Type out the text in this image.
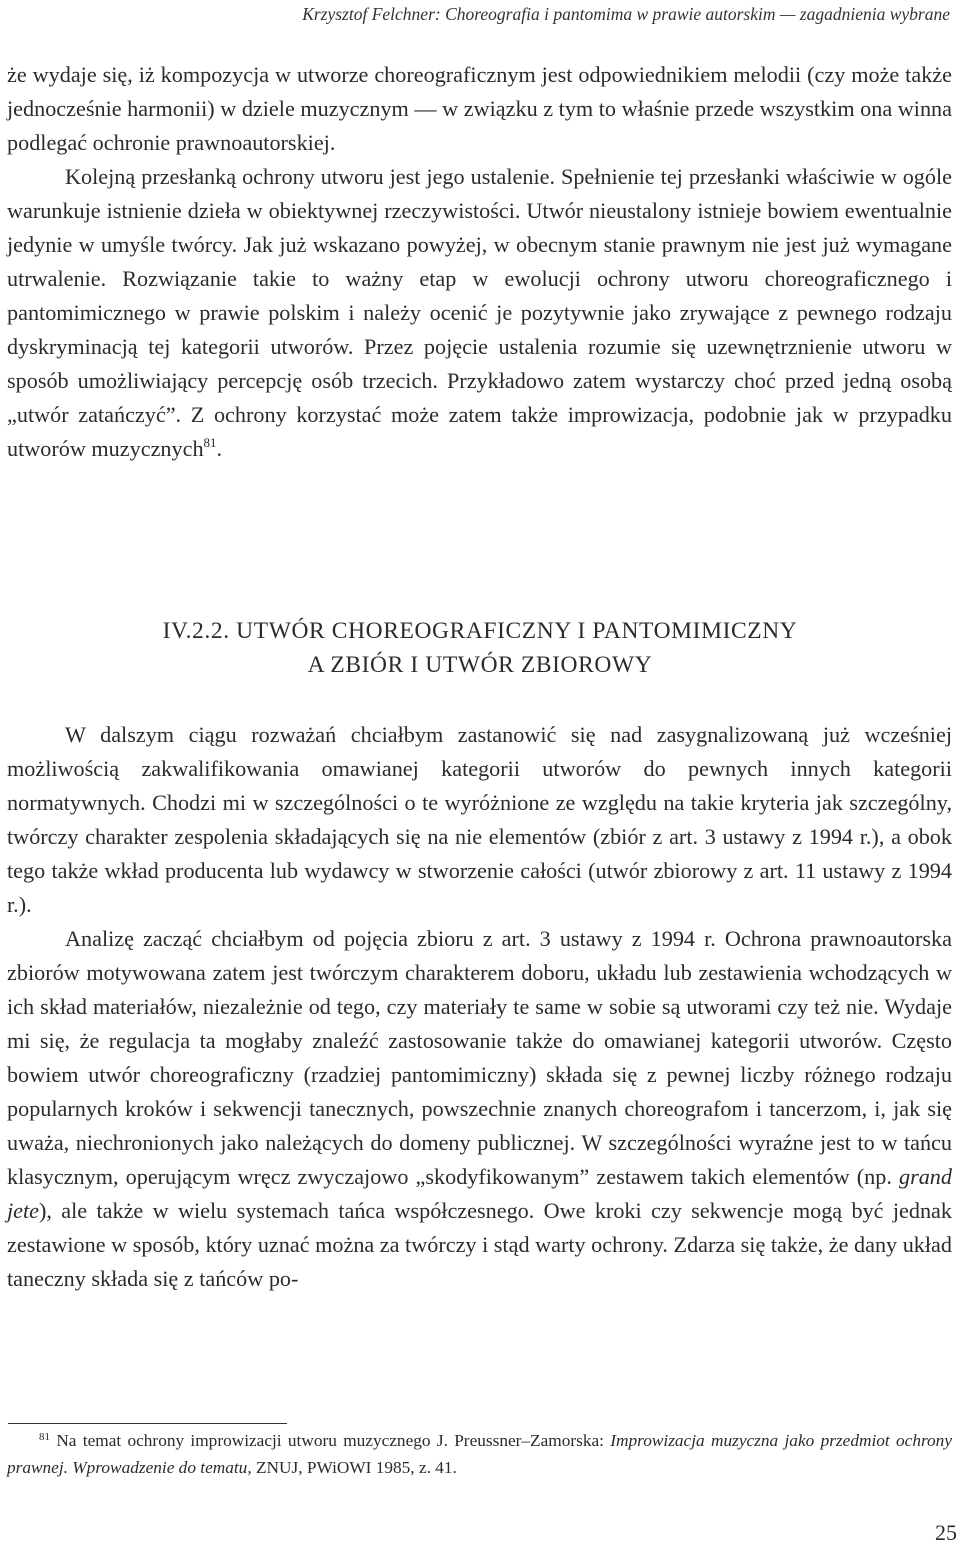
Krzysztof Felchner: Choreografia i pantomima w prawie autorskim — zagadnienia wybrane

że wydaje się, iż kompozycja w utworze choreograficznym jest odpowiednikiem melodii (czy może także jednocześnie harmonii) w dziele muzycznym — w związku z tym to właśnie przede wszystkim ona winna podlegać ochronie prawnoautorskiej.

Kolejną przesłanką ochrony utworu jest jego ustalenie. Spełnienie tej przesłanki właściwie w ogóle warunkuje istnienie dzieła w obiektywnej rzeczywistości. Utwór nieustalony istnieje bowiem ewentualnie jedynie w umyśle twórcy. Jak już wskazano powyżej, w obecnym stanie prawnym nie jest już wymagane utrwalenie. Rozwiązanie takie to ważny etap w ewolucji ochrony utworu choreograficznego i pantomimicznego w prawie polskim i należy ocenić je pozytywnie jako zrywające z pewnego rodzaju dyskryminacją tej kategorii utworów. Przez pojęcie ustalenia rozumie się uzewnętrznienie utworu w sposób umożliwiający percepcję osób trzecich. Przykładowo zatem wystarczy choć przed jedną osobą „utwór zatańczyć”. Z ochrony korzystać może zatem także improwizacja, podobnie jak w przypadku utworów muzycznych$^{81}$.

IV.2.2. UTWÓR CHOREOGRAFICZNY I PANTOMIMICZNY
A ZBIÓR I UTWÓR ZBIOROWY

W dalszym ciągu rozważań chciałbym zastanowić się nad zasygnalizowaną już wcześniej możliwością zakwalifikowania omawianej kategorii utworów do pewnych innych kategorii normatywnych. Chodzi mi w szczególności o te wyróżnione ze względu na takie kryteria jak szczególny, twórczy charakter zespolenia składających się na nie elementów (zbiór z art. 3 ustawy z 1994 r.), a obok tego także wkład producenta lub wydawcy w stworzenie całości (utwór zbiorowy z art. 11 ustawy z 1994 r.).

Analizę zacząć chciałbym od pojęcia zbioru z art. 3 ustawy z 1994 r. Ochrona prawnoautorska zbiorów motywowana zatem jest twórczym charakterem doboru, układu lub zestawienia wchodzących w ich skład materiałów, niezależnie od tego, czy materiały te same w sobie są utworami czy też nie. Wydaje mi się, że regulacja ta mogłaby znaleźć zastosowanie także do omawianej kategorii utworów. Często bowiem utwór choreograficzny (rzadziej pantomimiczny) składa się z pewnej liczby różnego rodzaju popularnych kroków i sekwencji tanecznych, powszechnie znanych choreografom i tancerzom, i, jak się uważa, niechronionych jako należących do domeny publicznej. W szczególności wyraźne jest to w tańcu klasycznym, operującym wręcz zwyczajowo „skodyfikowanym” zestawem takich elementów (np. grand jete), ale także w wielu systemach tańca współczesnego. Owe kroki czy sekwencje mogą być jednak zestawione w sposób, który uznać można za twórczy i stąd warty ochrony. Zdarza się także, że dany układ taneczny składa się z tańców po-

$^{81}$ Na temat ochrony improwizacji utworu muzycznego J. Preussner–Zamorska: Improwizacja muzyczna jako przedmiot ochrony prawnej. Wprowadzenie do tematu, ZNUJ, PWiOWI 1985, z. 41.
25
